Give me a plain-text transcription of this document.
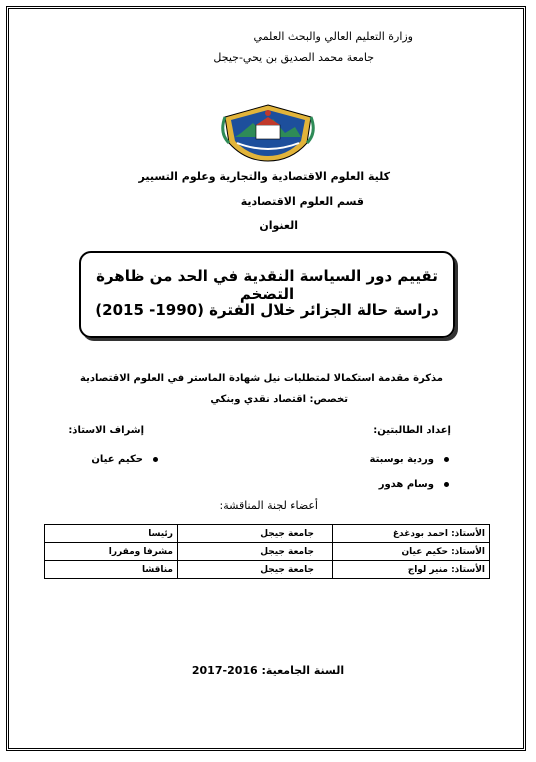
وزارة التعليم العالي والبحث العلمي
جامعة محمد الصديق بن يحي-جيجل
كلية العلوم الاقتصادية والتجارية وعلوم التسيير
قسم العلوم الاقتصادية
العنوان
تقييم دور السياسة النقدية في الحد من ظاهرة التضخم
دراسة حالة الجزائر خلال الفترة (1990- 2015)
مذكرة مقدمة استكمالا لمتطلبات نيل شهادة الماستر في العلوم الاقتصادية
تخصص: اقتصاد نقدي وبنكي
إعداد الطالبتين:
إشراف الاستاذ:
وردية بوسبتة
وسام هدور
حكيم عيان
أعضاء لجنة المناقشة:
الأستاذ: احمد بودغدغ	جامعة جيجل	رئيسا
الأستاذ: حكيم عيان	جامعة جيجل	مشرفا ومقررا
الأستاذ: منير لواج	جامعة جيجل	مناقشا
السنة الجامعية: 2016-2017
